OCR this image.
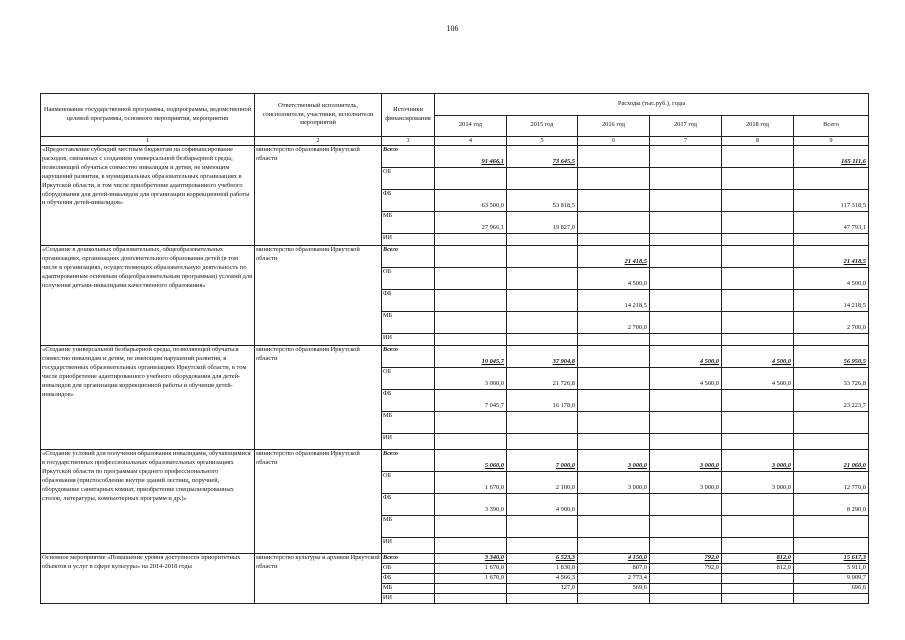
106
Наименование государственной программы, подпрограммы, ведомственной целевой программы, основного мероприятия, мероприятия	Ответственный исполнитель, соисполнители, участники, исполнители мероприятий	Источники финансирования	Расходы (тыс.руб.), годы					
			2014 год	2015 год	2016 год	2017 год	2018 год	Всего
1	2	3	4	5	6	7	8	9
«Предоставление субсидий местным бюджетам на софинансирование расходов, связанных с созданием универсальной безбарьерной среды, позволяющей обучаться совместно инвалидам и детям, не имеющим нарушений развития, в муниципальных образовательных организациях в Иркутской области, в том числе приобретение адаптированного учебного оборудования для детей-инвалидов для организации коррекционной работы и обучения детей-инвалидов»	министерство образования Иркутской области	Всего	91 466,1	73 645,5				165 111,6
		ОБ						
		ФБ	63 500,0	53 818,5				117 318,5
		МБ	27 966,1	19 827,0				47 793,1
		ИИ						
«Создание в дошкольных образовательных, общеобразовательных организациях, организациях дополнительного образования детей (в том числе в организациях, осуществляющих образовательную деятельность по адаптированным основным общеобразовательным программам) условий для получения детьми-инвалидами качественного образования»	министерство образования Иркутской области	Всего			21 418,5			21 418,5
		ОБ			4 500,0			4 500,0
		ФБ			14 218,5			14 218,5
		МБ			2 700,0			2 700,0
		ИИ						
«Создание универсальной безбарьерной среды, позволяющей обучаться совместно инвалидам и детям, не имеющим нарушений развития, в государственных образовательных организациях Иркутской области, в том числе приобретение адаптированного учебного оборудования для детей-инвалидов для организации коррекционной работы и обучения детей-инвалидов»	министерство образования Иркутской области	Всего	10 045,7	37 904,8		4 500,0	4 500,0	56 950,5
		ОБ	3 000,0	21 726,8		4 500,0	4 500,0	33 726,8
		ФБ	7 045,7	16 178,0				23 223,7
		МБ						
		ИИ						
«Создание условий для получения образования инвалидами, обучающимися в государственных профессиональных образовательных организациях Иркутской области по программам среднего профессионального образования (приспособление внутри зданий лестниц, поручней, оборудование санитарных комнат, приобретение специализированных столов, литературы, компьютерных программ и др.)»	министерство образования Иркутской области	Всего	5 060,0	7 000,0	3 000,0	3 000,0	3 000,0	21 060,0
		ОБ	1 670,0	2 100,0	3 000,0	3 000,0	3 000,0	12 770,0
		ФБ	3 390,0	4 900,0				8 290,0
		МБ						
		ИИ						
Основное мероприятие «Повышение уровня доступности приоритетных объектов и услуг в сфере культуры» на 2014-2018 годы	министерство культуры и архивов Иркутской области	Всего	3 340,0	6 523,3	4 150,0	792,0	812,0	15 617,3
		ОБ	1 670,0	1 830,0	807,0	792,0	812,0	5 911,0
		ФБ	1 670,0	4 566,3	2 773,4			9 009,7
		МБ		127,0	569,6			696,6
		ИИ						
